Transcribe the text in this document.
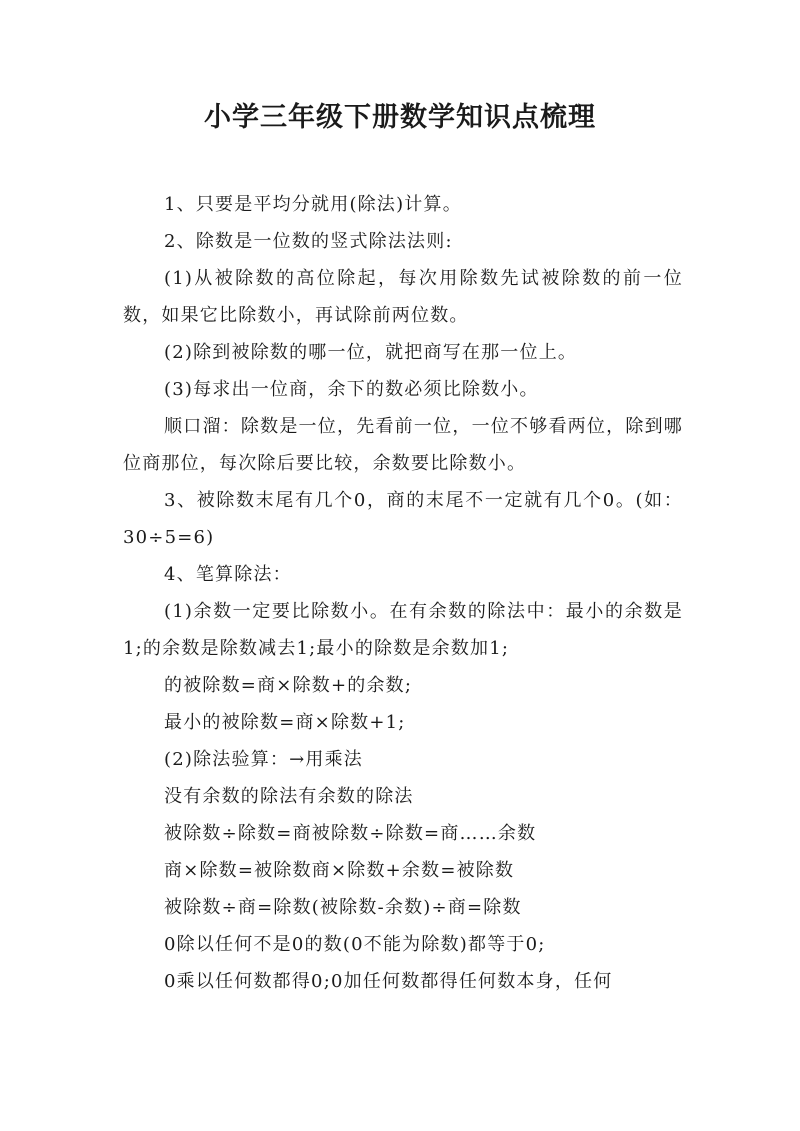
小学三年级下册数学知识点梳理

1、只要是平均分就用(除法)计算。

2、除数是一位数的竖式除法法则:

(1)从被除数的高位除起，每次用除数先试被除数的前一位数，如果它比除数小，再试除前两位数。

(2)除到被除数的哪一位，就把商写在那一位上。

(3)每求出一位商，余下的数必须比除数小。

顺口溜：除数是一位，先看前一位，一位不够看两位，除到哪位商那位，每次除后要比较，余数要比除数小。

3、被除数末尾有几个0，商的末尾不一定就有几个0。(如：30÷5=6)

4、笔算除法：

(1)余数一定要比除数小。在有余数的除法中：最小的余数是1;的余数是除数减去1;最小的除数是余数加1;

的被除数=商×除数+的余数;

最小的被除数=商×除数+1;

(2)除法验算：→用乘法

没有余数的除法有余数的除法

被除数÷除数=商被除数÷除数=商……余数

商×除数=被除数商×除数+余数=被除数

被除数÷商=除数(被除数-余数)÷商=除数

0除以任何不是0的数(0不能为除数)都等于0;

0乘以任何数都得0;0加任何数都得任何数本身，任何
